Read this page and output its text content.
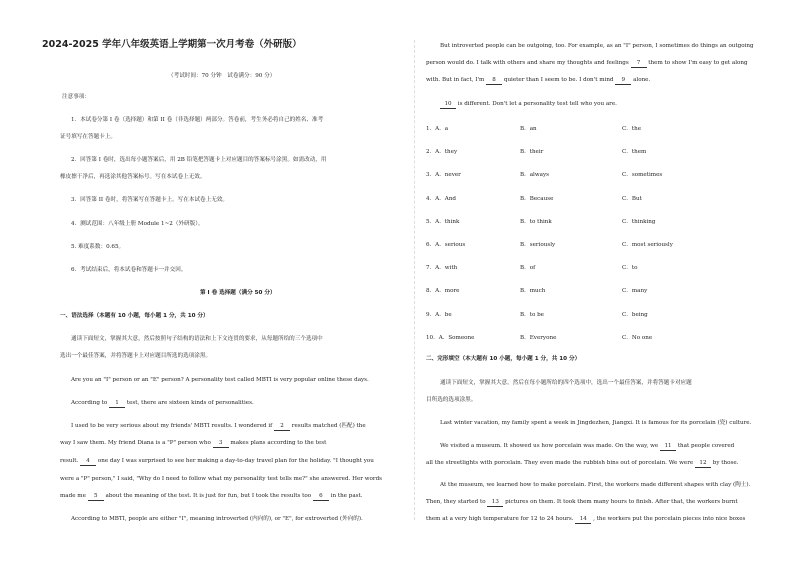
2024-2025 学年八年级英语上学期第一次月考卷（外研版）
（考试时间：70 分钟　试卷满分：90 分）
注意事项：
1．本试卷分第 I 卷（选择题）和第 II 卷（非选择题）两部分。答卷前，考生务必将自己的姓名、准考
证号填写在答题卡上。
2．回答第 I 卷时，选出每小题答案后，用 2B 铅笔把答题卡上对应题目的答案标号涂黑。如需改动，用
橡皮擦干净后，再选涂其他答案标号。写在本试卷上无效。
3．回答第 II 卷时，将答案写在答题卡上。写在本试卷上无效。
4．测试范围：八年级上册 Module 1~2（外研版）。
5. 难度系数：0.65。
6．考试结束后，将本试卷和答题卡一并交回。
第 I 卷 选择题（满分 50 分）
一、语法选择（本题有 10 小题，每小题 1 分，共 10 分）
通读下面短文，掌握其大意，然后按照句子结构的语法和上下文连贯的要求，从每题所给的三个选项中
选出一个最佳答案，并将答题卡上对应题目所选的选项涂黑。
Are you an "I" person or an "E" person? A personality test called MBTI is very popular online these days.
According to 1 test, there are sixteen kinds of personalities.
I used to be very serious about my friends' MBTI results. I wondered if 2 results matched (匹配) the
way I saw them. My friend Diana is a "P" person who 3 makes plans according to the test
result. 4 one day I was surprised to see her making a day-to-day travel plan for the holiday. "I thought you
were a "P" person," I said, "Why do I need to follow what my personality test tells me?" she answered. Her words
made me 5 about the meaning of the test. It is just for fun, but I took the results too 6 in the past.
According to MBTI, people are either "I", meaning introverted (内向的), or "E", for extroverted (外向的).
But introverted people can be outgoing, too. For example, as an "I" person, I sometimes do things an outgoing
person would do. I talk with others and share my thoughts and feelings 7 them to show I'm easy to get along
with. But in fact, I'm 8 quieter than I seem to be. I don't mind 9 alone.
10 is different. Don't let a personality test tell who you are.
1．A．a	B．an	C．the
2．A．they	B．their	C．them
3．A．never	B．always	C．sometimes
4．A．And	B．Because	C．But
5．A．think	B．to think	C．thinking
6．A．serious	B．seriously	C．most seriously
7．A．with	B．of	C．to
8．A．more	B．much	C．many
9．A．be	B．to be	C．being
10．A．Someone	B．Everyone	C．No one
二、完形填空（本大题有 10 小题，每小题 1 分，共 10 分）
通读下面短文，掌握其大意，然后在每小题所给的四个选项中，选出一个最佳答案，并将答题卡对应题
目所选的选项涂黑。
Last winter vacation, my family spent a week in Jingdezhen, Jiangxi. It is famous for its porcelain (瓷) culture.
We visited a museum. It showed us how porcelain was made. On the way, we 11 that people covered
all the streetlights with porcelain. They even made the rubbish bins out of porcelain. We were 12 by those.
At the museum, we learned how to make porcelain. First, the workers made different shapes with clay (陶土).
Then, they started to 13 pictures on them. It took them many hours to finish. After that, the workers burnt
them at a very high temperature for 12 to 24 hours. 14 , the workers put the porcelain pieces into nice boxes
